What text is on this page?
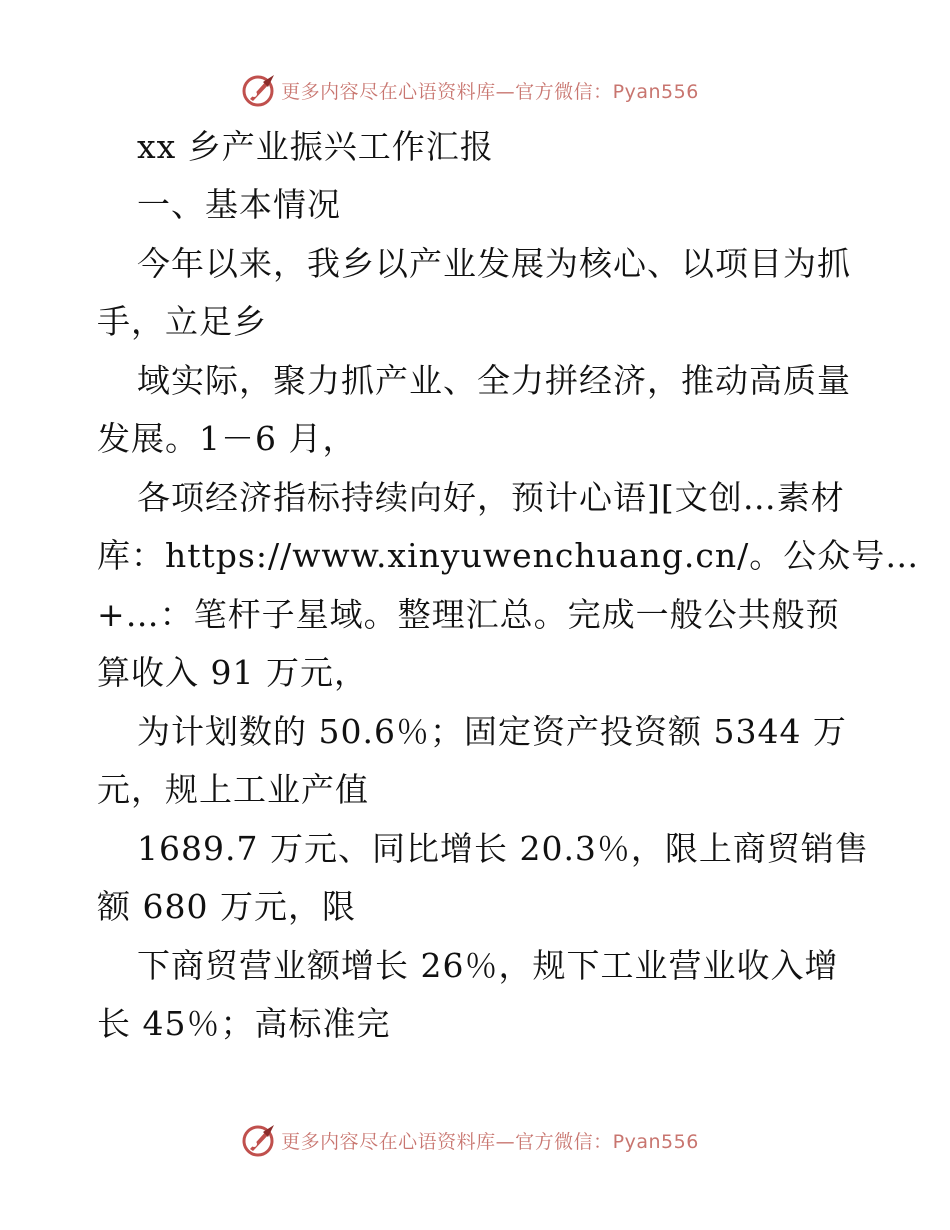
更多内容尽在心语资料库—官方微信：Pyan556
xx 乡产业振兴工作汇报
一、基本情况
今年以来，我乡以产业发展为核心、以项目为抓
手，立足乡
域实际，聚力抓产业、全力拼经济，推动高质量
发展。1－6 月，
各项经济指标持续向好，预计心语][文创…素材
库：https://www.xinyuwenchuang.cn/。公众号…
+…：笔杆子星域。整理汇总。完成一般公共般预
算收入 91 万元，
为计划数的 50.6％；固定资产投资额 5344 万
元，规上工业产值
1689.7 万元、同比增长 20.3％，限上商贸销售
额 680 万元，限
下商贸营业额增长 26％，规下工业营业收入增
长 45％；高标准完
更多内容尽在心语资料库—官方微信：Pyan556
